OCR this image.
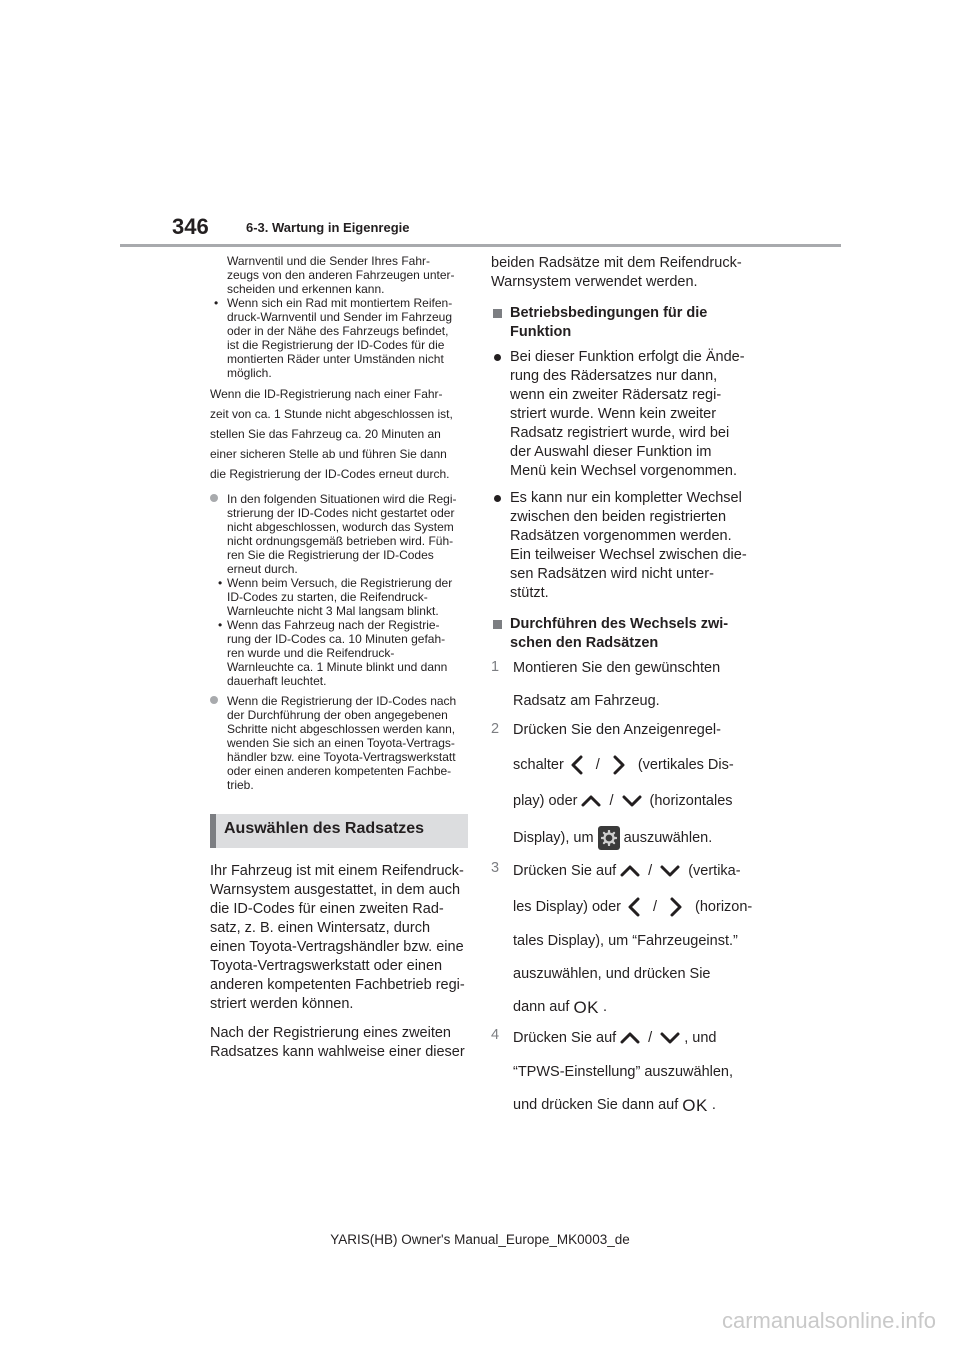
346	6-3. Wartung in Eigenregie
Warnventil und die Sender Ihres Fahr-
zeugs von den anderen Fahrzeugen unter-
scheiden und erkennen kann.
• Wenn sich ein Rad mit montiertem Reifen-
druck-Warnventil und Sender im Fahrzeug
oder in der Nähe des Fahrzeugs befindet,
ist die Registrierung der ID-Codes für die
montierten Räder unter Umständen nicht
möglich.
Wenn die ID-Registrierung nach einer Fahr-
zeit von ca. 1 Stunde nicht abgeschlossen ist,
stellen Sie das Fahrzeug ca. 20 Minuten an
einer sicheren Stelle ab und führen Sie dann
die Registrierung der ID-Codes erneut durch.
In den folgenden Situationen wird die Regi-
strierung der ID-Codes nicht gestartet oder
nicht abgeschlossen, wodurch das System
nicht ordnungsgemäß betrieben wird. Füh-
ren Sie die Registrierung der ID-Codes
erneut durch.
• Wenn beim Versuch, die Registrierung der
ID-Codes zu starten, die Reifendruck-
Warnleuchte nicht 3 Mal langsam blinkt.
• Wenn das Fahrzeug nach der Registrie-
rung der ID-Codes ca. 10 Minuten gefah-
ren wurde und die Reifendruck-
Warnleuchte ca. 1 Minute blinkt und dann
dauerhaft leuchtet.
Wenn die Registrierung der ID-Codes nach
der Durchführung der oben angegebenen
Schritte nicht abgeschlossen werden kann,
wenden Sie sich an einen Toyota-Vertrags-
händler bzw. eine Toyota-Vertragswerkstatt
oder einen anderen kompetenten Fachbe-
trieb.
Auswählen des Radsatzes

Ihr Fahrzeug ist mit einem Reifendruck-
Warnsystem ausgestattet, in dem auch
die ID-Codes für einen zweiten Rad-
satz, z. B. einen Wintersatz, durch
einen Toyota-Vertragshändler bzw. eine
Toyota-Vertragswerkstatt oder einen
anderen kompetenten Fachbetrieb regi-
striert werden können.

Nach der Registrierung eines zweiten
Radsatzes kann wahlweise einer dieser

beiden Radsätze mit dem Reifendruck-
Warnsystem verwendet werden.

Betriebsbedingungen für die
Funktion
Bei dieser Funktion erfolgt die Ände-
rung des Rädersatzes nur dann,
wenn ein zweiter Rädersatz regi-
striert wurde. Wenn kein zweiter
Radsatz registriert wurde, wird bei
der Auswahl dieser Funktion im
Menü kein Wechsel vorgenommen.
Es kann nur ein kompletter Wechsel
zwischen den beiden registrierten
Radsätzen vorgenommen werden.
Ein teilweiser Wechsel zwischen die-
sen Radsätzen wird nicht unter-
stützt.
Durchführen des Wechsels zwi-
schen den Radsätzen
1 Montieren Sie den gewünschten
Radsatz am Fahrzeug.
2 Drücken Sie den Anzeigenregel-
schalter /	(vertikales Dis-
play) oder / (horizontales
Display), um auszuwählen.
3 Drücken Sie auf / (vertika-
les Display) oder /	(horizon-
tales Display), um “Fahrzeugeinst.”
auszuwählen, und drücken Sie
dann auf OK .
4 Drücken Sie auf / , und
“TPWS-Einstellung” auszuwählen,
und drücken Sie dann auf OK .
YARIS(HB) Owner's Manual_Europe_MK0003_de
carmanualsonline.info
